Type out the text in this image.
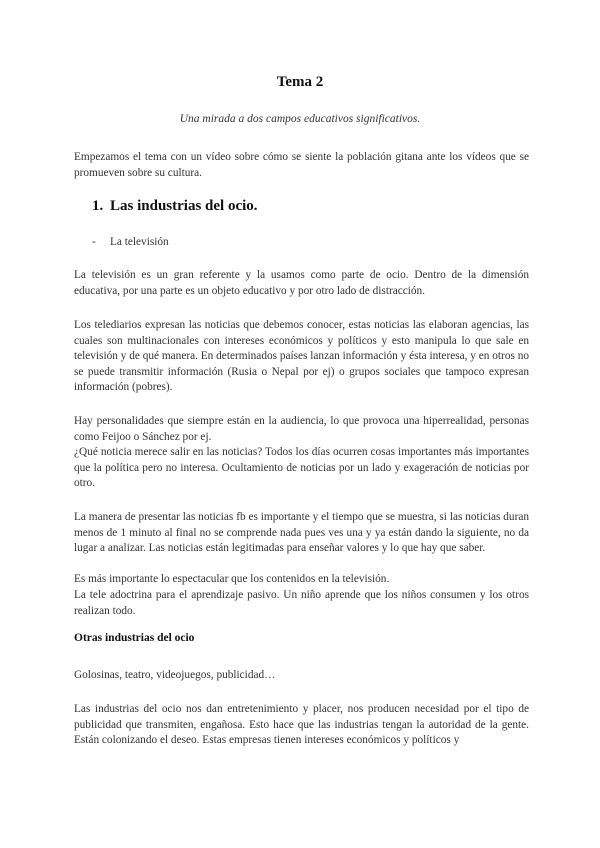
Tema 2
Una mirada a dos campos educativos significativos.

Empezamos el tema con un vídeo sobre cómo se siente la población gitana ante los vídeos que se promueven sobre su cultura.

1. Las industrias del ocio.
- La televisión

La televisión es un gran referente y la usamos como parte de ocio. Dentro de la dimensión educativa, por una parte es un objeto educativo y por otro lado de distracción.

Los telediarios expresan las noticias que debemos conocer, estas noticias las elaboran agencias, las cuales son multinacionales con intereses económicos y políticos y esto manipula lo que sale en televisión y de qué manera. En determinados países lanzan información y ésta interesa, y en otros no se puede transmitir información (Rusia o Nepal por ej) o grupos sociales que tampoco expresan información (pobres).

Hay personalidades que siempre están en la audiencia, lo que provoca una hiperrealidad, personas como Feijoo o Sánchez por ej.

¿Qué noticia merece salir en las noticias? Todos los días ocurren cosas importantes más importantes que la política pero no interesa. Ocultamiento de noticias por un lado y exageración de noticias por otro.

La manera de presentar las noticias fb es importante y el tiempo que se muestra, si las noticias duran menos de 1 minuto al final no se comprende nada pues ves una y ya están dando la siguiente, no da lugar a analizar. Las noticias están legitimadas para enseñar valores y lo que hay que saber.

Es más importante lo espectacular que los contenidos en la televisión.

La tele adoctrina para el aprendizaje pasivo. Un niño aprende que los niños consumen y los otros realizan todo.

Otras industrias del ocio

Golosinas, teatro, videojuegos, publicidad…

Las industrias del ocio nos dan entretenimiento y placer, nos producen necesidad por el tipo de publicidad que transmiten, engañosa. Esto hace que las industrias tengan la autoridad de la gente. Están colonizando el deseo. Estas empresas tienen intereses económicos y políticos y
